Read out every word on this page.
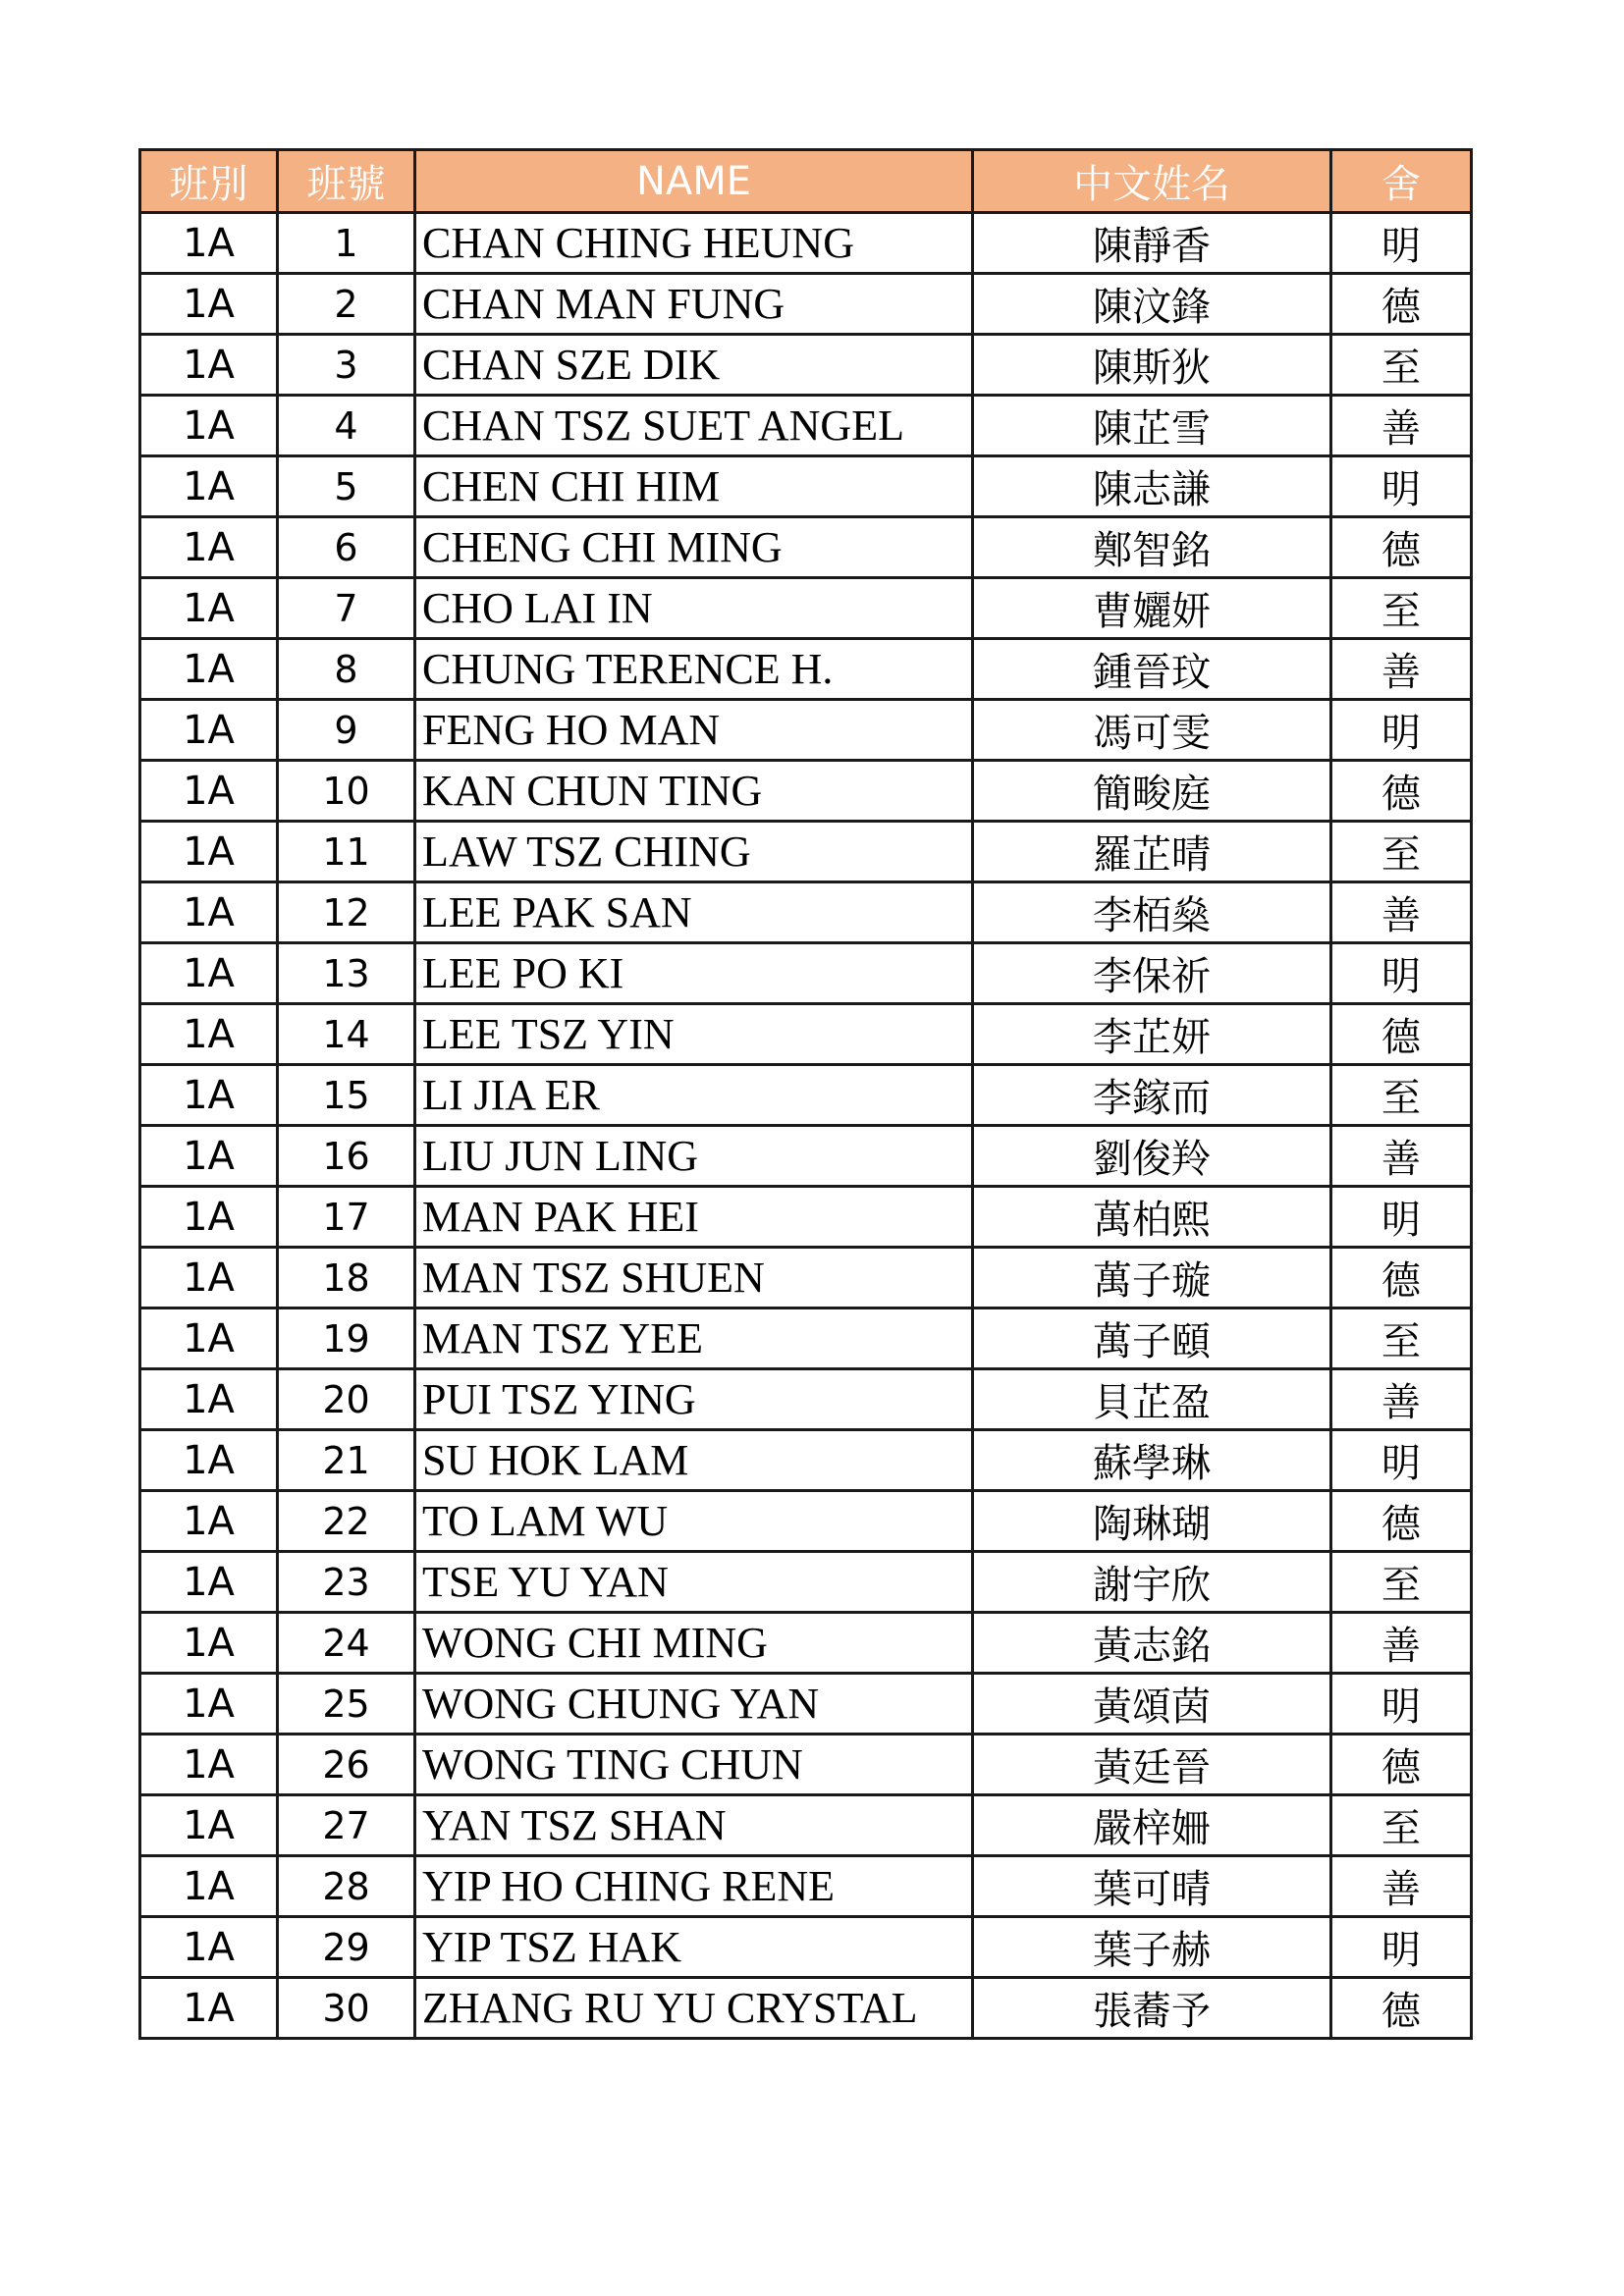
班別	班號	NAME	中文姓名	舍
1A	1	CHAN CHING HEUNG	陳靜香	明
1A	2	CHAN MAN FUNG	陳汶鋒	德
1A	3	CHAN SZE DIK	陳斯狄	至
1A	4	CHAN TSZ SUET ANGEL	陳芷雪	善
1A	5	CHEN CHI HIM	陳志謙	明
1A	6	CHENG CHI MING	鄭智銘	德
1A	7	CHO LAI IN	曹孋妍	至
1A	8	CHUNG TERENCE H.	鍾晉玟	善
1A	9	FENG HO MAN	馮可雯	明
1A	10	KAN CHUN TING	簡畯庭	德
1A	11	LAW TSZ CHING	羅芷晴	至
1A	12	LEE PAK SAN	李栢燊	善
1A	13	LEE PO KI	李保祈	明
1A	14	LEE TSZ YIN	李芷妍	德
1A	15	LI JIA ER	李鎵而	至
1A	16	LIU JUN LING	劉俊羚	善
1A	17	MAN PAK HEI	萬柏熙	明
1A	18	MAN TSZ SHUEN	萬子璇	德
1A	19	MAN TSZ YEE	萬子頤	至
1A	20	PUI TSZ YING	貝芷盈	善
1A	21	SU HOK LAM	蘇學琳	明
1A	22	TO LAM WU	陶琳瑚	德
1A	23	TSE YU YAN	謝宇欣	至
1A	24	WONG CHI MING	黃志銘	善
1A	25	WONG CHUNG YAN	黃頌茵	明
1A	26	WONG TING CHUN	黃廷晉	德
1A	27	YAN TSZ SHAN	嚴梓姍	至
1A	28	YIP HO CHING RENE	葉可晴	善
1A	29	YIP TSZ HAK	葉子赫	明
1A	30	ZHANG RU YU CRYSTAL	張蕎予	德
